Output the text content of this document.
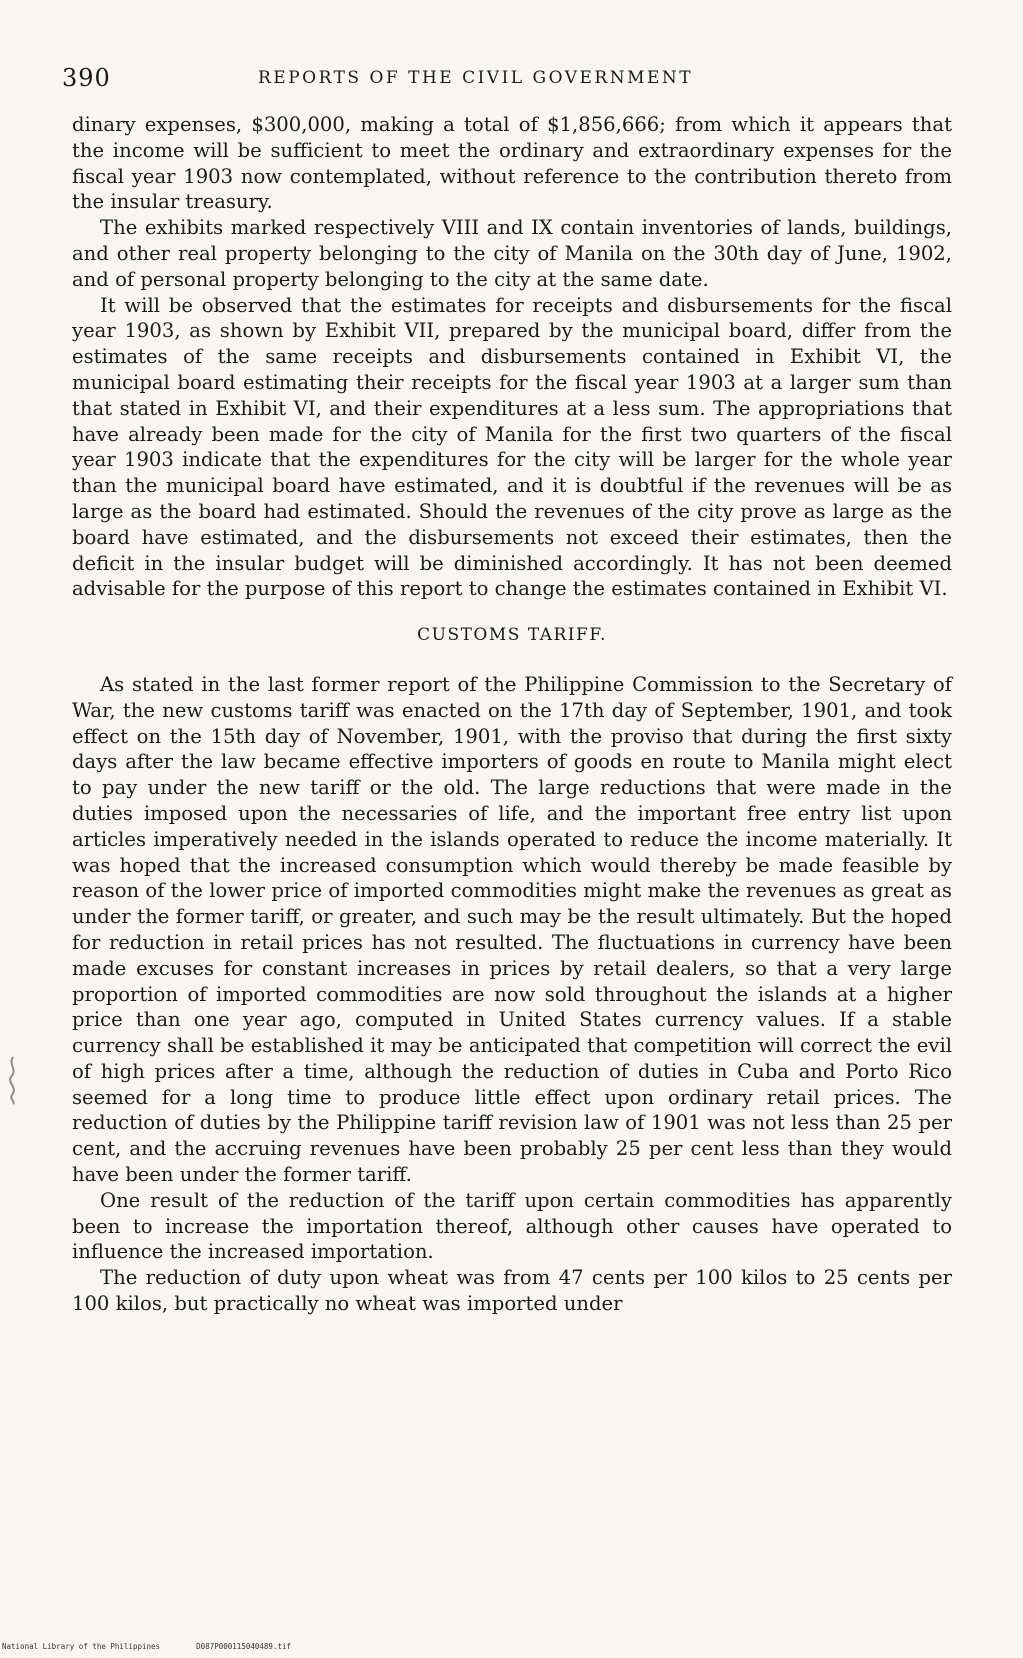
390	REPORTS OF THE CIVIL GOVERNMENT

dinary expenses, $300,000, making a total of $1,856,666; from which it appears that the income will be sufficient to meet the ordinary and extraordinary expenses for the fiscal year 1903 now contemplated, without reference to the contribution thereto from the insular treasury.

The exhibits marked respectively VIII and IX contain inventories of lands, buildings, and other real property belonging to the city of Manila on the 30th day of June, 1902, and of personal property belonging to the city at the same date.

It will be observed that the estimates for receipts and disbursements for the fiscal year 1903, as shown by Exhibit VII, prepared by the municipal board, differ from the estimates of the same receipts and disbursements contained in Exhibit VI, the municipal board estimating their receipts for the fiscal year 1903 at a larger sum than that stated in Exhibit VI, and their expenditures at a less sum. The appropriations that have already been made for the city of Manila for the first two quarters of the fiscal year 1903 indicate that the expenditures for the city will be larger for the whole year than the municipal board have estimated, and it is doubtful if the revenues will be as large as the board had estimated. Should the revenues of the city prove as large as the board have estimated, and the disbursements not exceed their estimates, then the deficit in the insular budget will be diminished accordingly. It has not been deemed advisable for the purpose of this report to change the estimates contained in Exhibit VI.

CUSTOMS TARIFF.

As stated in the last former report of the Philippine Commission to the Secretary of War, the new customs tariff was enacted on the 17th day of September, 1901, and took effect on the 15th day of November, 1901, with the proviso that during the first sixty days after the law became effective importers of goods en route to Manila might elect to pay under the new tariff or the old. The large reductions that were made in the duties imposed upon the necessaries of life, and the important free entry list upon articles imperatively needed in the islands operated to reduce the income materially. It was hoped that the increased consumption which would thereby be made feasible by reason of the lower price of imported commodities might make the revenues as great as under the former tariff, or greater, and such may be the result ultimately. But the hoped for reduction in retail prices has not resulted. The fluctuations in currency have been made excuses for constant increases in prices by retail dealers, so that a very large proportion of imported commodities are now sold throughout the islands at a higher price than one year ago, computed in United States currency values. If a stable currency shall be established it may be anticipated that competition will correct the evil of high prices after a time, although the reduction of duties in Cuba and Porto Rico seemed for a long time to produce little effect upon ordinary retail prices. The reduction of duties by the Philippine tariff revision law of 1901 was not less than 25 per cent, and the accruing revenues have been probably 25 per cent less than they would have been under the former tariff.

One result of the reduction of the tariff upon certain commodities has apparently been to increase the importation thereof, although other causes have operated to influence the increased importation.

The reduction of duty upon wheat was from 47 cents per 100 kilos to 25 cents per 100 kilos, but practically no wheat was imported under

National Library of the Philippines	D087P000115040489.tif
